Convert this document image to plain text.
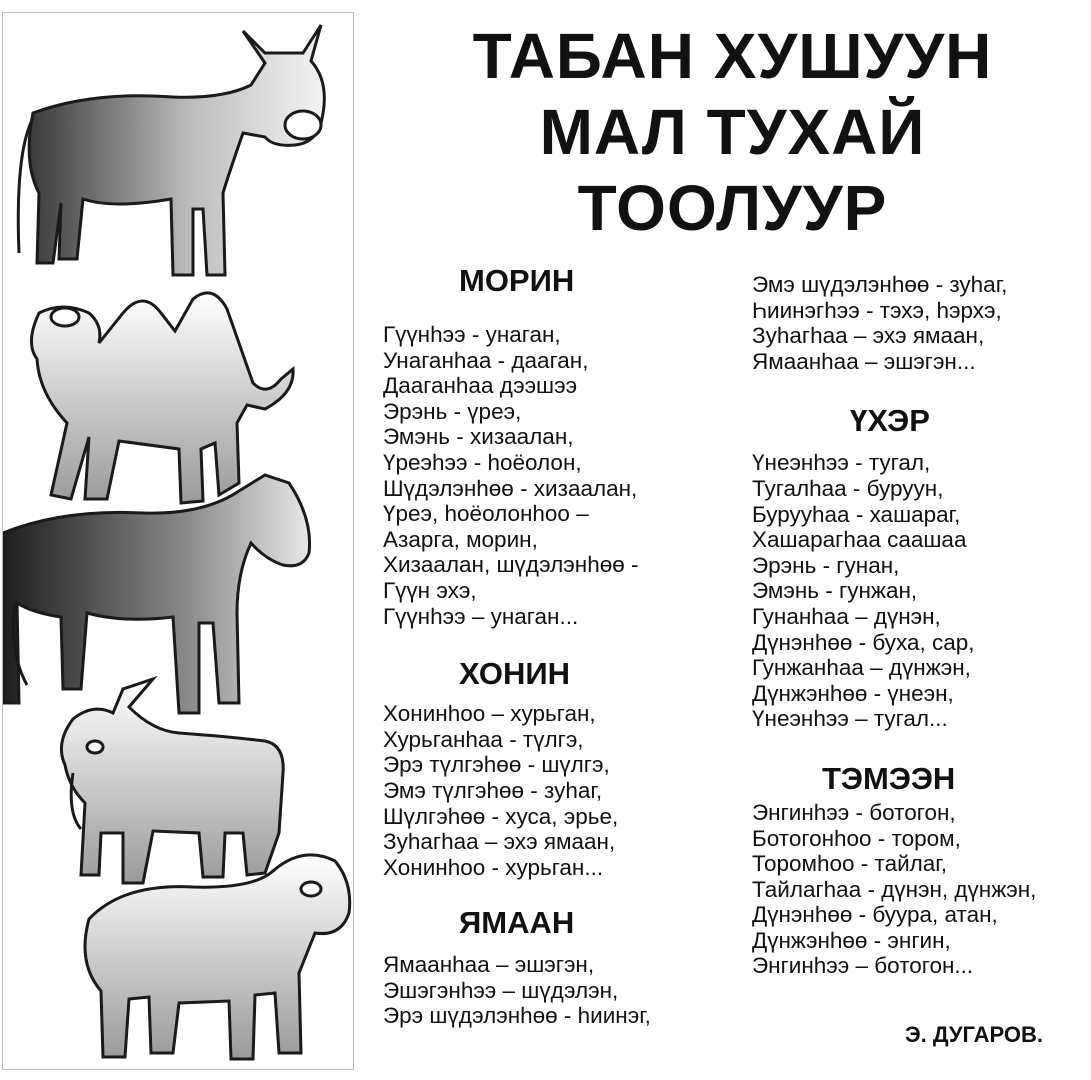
ТАБАН ХУШУУН
МАЛ ТУХАЙ
ТООЛУУР
МОРИН
Гүүнһээ - унаган,
Унаганһаа - дааган,
Дааганһаа дээшээ
Эрэнь - үреэ,
Эмэнь - хизаалан,
Үреэһээ - һоёолон,
Шүдэлэнһөө - хизаалан,
Үреэ, һоёолонһоо –
Азарга, морин,
Хизаалан, шүдэлэнһөө -
Гүүн эхэ,
Гүүнһээ – унаган...
ХОНИН
Хонинһоо – хурьган,
Хурьганһаа - түлгэ,
Эрэ түлгэһөө - шүлгэ,
Эмэ түлгэһөө - зуһаг,
Шүлгэһөө - хуса, эрье,
Зуһагһаа – эхэ ямаан,
Хонинһоо - хурьган...
ЯМААН
Ямаанһаа – эшэгэн,
Эшэгэнһээ – шүдэлэн,
Эрэ шүдэлэнһөө - һиинэг,
Эмэ шүдэлэнһөө - зуһаг,
Һиинэгһээ - тэхэ, һэрхэ,
Зуһагһаа – эхэ ямаан,
Ямаанһаа – эшэгэн...
ҮХЭР
Үнеэнһээ - тугал,
Тугалһаа - буруун,
Бурууһаа - хашараг,
Хашарагһаа саашаа
Эрэнь - гунан,
Эмэнь - гунжан,
Гунанһаа – дүнэн,
Дүнэнһөө - буха, сар,
Гунжанһаа – дүнжэн,
Дүнжэнһөө - үнеэн,
Үнеэнһээ – тугал...
ТЭМЭЭН
Энгинһээ - ботогон,
Ботогонһоо - тором,
Торомһоо - тайлаг,
Тайлагһаа - дүнэн, дүнжэн,
Дүнэнһөө - буура, атан,
Дүнжэнһөө - энгин,
Энгинһээ – ботогон...
Э. ДУГАРОВ.
